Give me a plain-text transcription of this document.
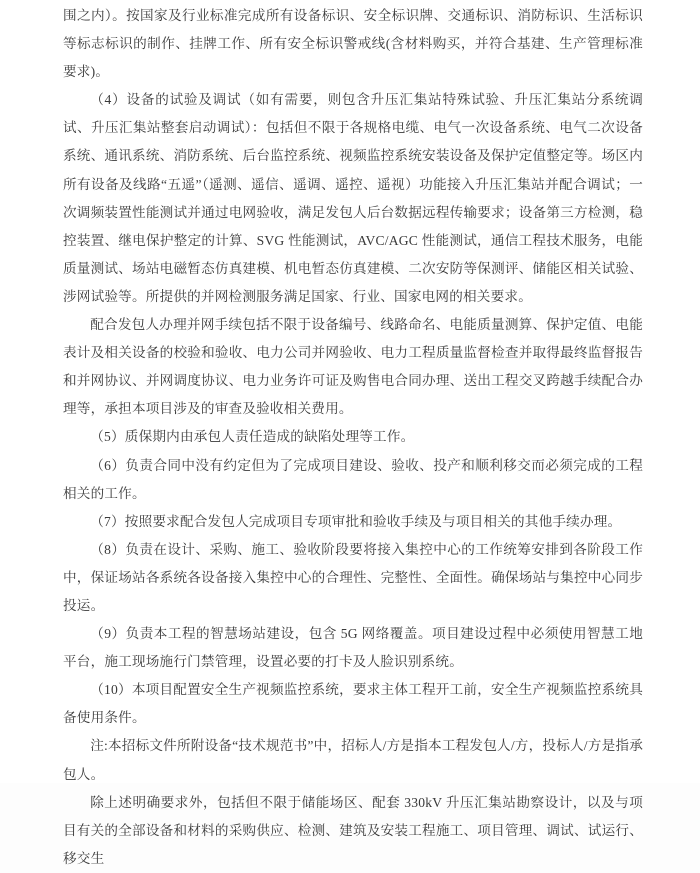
围之内）。按国家及行业标准完成所有设备标识、安全标识牌、交通标识、消防标识、生活标识等标志标识的制作、挂牌工作、所有安全标识警戒线(含材料购买，并符合基建、生产管理标准要求)。

（4）设备的试验及调试（如有需要，则包含升压汇集站特殊试验、升压汇集站分系统调试、升压汇集站整套启动调试）：包括但不限于各规格电缆、电气一次设备系统、电气二次设备系统、通讯系统、消防系统、后台监控系统、视频监控系统安装设备及保护定值整定等。场区内所有设备及线路“五遥”（遥测、遥信、遥调、遥控、遥视）功能接入升压汇集站并配合调试；一次调频装置性能测试并通过电网验收，满足发包人后台数据远程传输要求；设备第三方检测，稳控装置、继电保护整定的计算、SVG 性能测试，AVC/AGC 性能测试，通信工程技术服务，电能质量测试、场站电磁暂态仿真建模、机电暂态仿真建模、二次安防等保测评、储能区相关试验、涉网试验等。所提供的并网检测服务满足国家、行业、国家电网的相关要求。

配合发包人办理并网手续包括不限于设备编号、线路命名、电能质量测算、保护定值、电能表计及相关设备的校验和验收、电力公司并网验收、电力工程质量监督检查并取得最终监督报告和并网协议、并网调度协议、电力业务许可证及购售电合同办理、送出工程交叉跨越手续配合办理等，承担本项目涉及的审查及验收相关费用。

（5）质保期内由承包人责任造成的缺陷处理等工作。

（6）负责合同中没有约定但为了完成项目建设、验收、投产和顺利移交而必须完成的工程相关的工作。

（7）按照要求配合发包人完成项目专项审批和验收手续及与项目相关的其他手续办理。

（8）负责在设计、采购、施工、验收阶段要将接入集控中心的工作统筹安排到各阶段工作中，保证场站各系统各设备接入集控中心的合理性、完整性、全面性。确保场站与集控中心同步投运。

（9）负责本工程的智慧场站建设，包含 5G 网络覆盖。项目建设过程中必须使用智慧工地平台，施工现场施行门禁管理，设置必要的打卡及人脸识别系统。

（10）本项目配置安全生产视频监控系统，要求主体工程开工前，安全生产视频监控系统具备使用条件。

注:本招标文件所附设备“技术规范书”中，招标人/方是指本工程发包人/方，投标人/方是指承包人。

除上述明确要求外，包括但不限于储能场区、配套 330kV 升压汇集站勘察设计，以及与项目有关的全部设备和材料的采购供应、检测、建筑及安装工程施工、项目管理、调试、试运行、移交生
